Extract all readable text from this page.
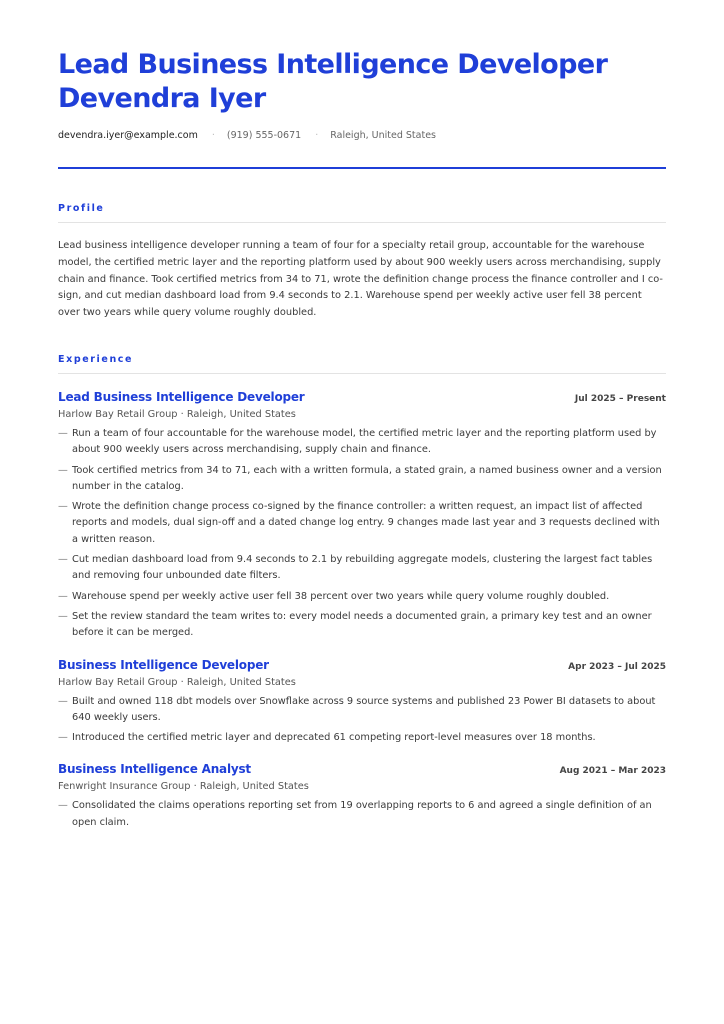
Lead Business Intelligence Developer
Devendra Iyer
devendra.iyer@example.com · (919) 555-0671 · Raleigh, United States
Profile

Lead business intelligence developer running a team of four for a specialty retail group, accountable for the warehouse model, the certified metric layer and the reporting platform used by about 900 weekly users across merchandising, supply chain and finance. Took certified metrics from 34 to 71, wrote the definition change process the finance controller and I co-sign, and cut median dashboard load from 9.4 seconds to 2.1. Warehouse spend per weekly active user fell 38 percent over two years while query volume roughly doubled.

Experience
Lead Business Intelligence Developer	Jul 2025 – Present
Harlow Bay Retail Group · Raleigh, United States
— Run a team of four accountable for the warehouse model, the certified metric layer and the reporting platform used by about 900 weekly users across merchandising, supply chain and finance.
— Took certified metrics from 34 to 71, each with a written formula, a stated grain, a named business owner and a version number in the catalog.
— Wrote the definition change process co-signed by the finance controller: a written request, an impact list of affected reports and models, dual sign-off and a dated change log entry. 9 changes made last year and 3 requests declined with a written reason.
— Cut median dashboard load from 9.4 seconds to 2.1 by rebuilding aggregate models, clustering the largest fact tables and removing four unbounded date filters.
— Warehouse spend per weekly active user fell 38 percent over two years while query volume roughly doubled.
— Set the review standard the team writes to: every model needs a documented grain, a primary key test and an owner before it can be merged.
Business Intelligence Developer	Apr 2023 – Jul 2025
Harlow Bay Retail Group · Raleigh, United States
— Built and owned 118 dbt models over Snowflake across 9 source systems and published 23 Power BI datasets to about 640 weekly users.
— Introduced the certified metric layer and deprecated 61 competing report-level measures over 18 months.
Business Intelligence Analyst	Aug 2021 – Mar 2023
Fenwright Insurance Group · Raleigh, United States
— Consolidated the claims operations reporting set from 19 overlapping reports to 6 and agreed a single definition of an open claim.
